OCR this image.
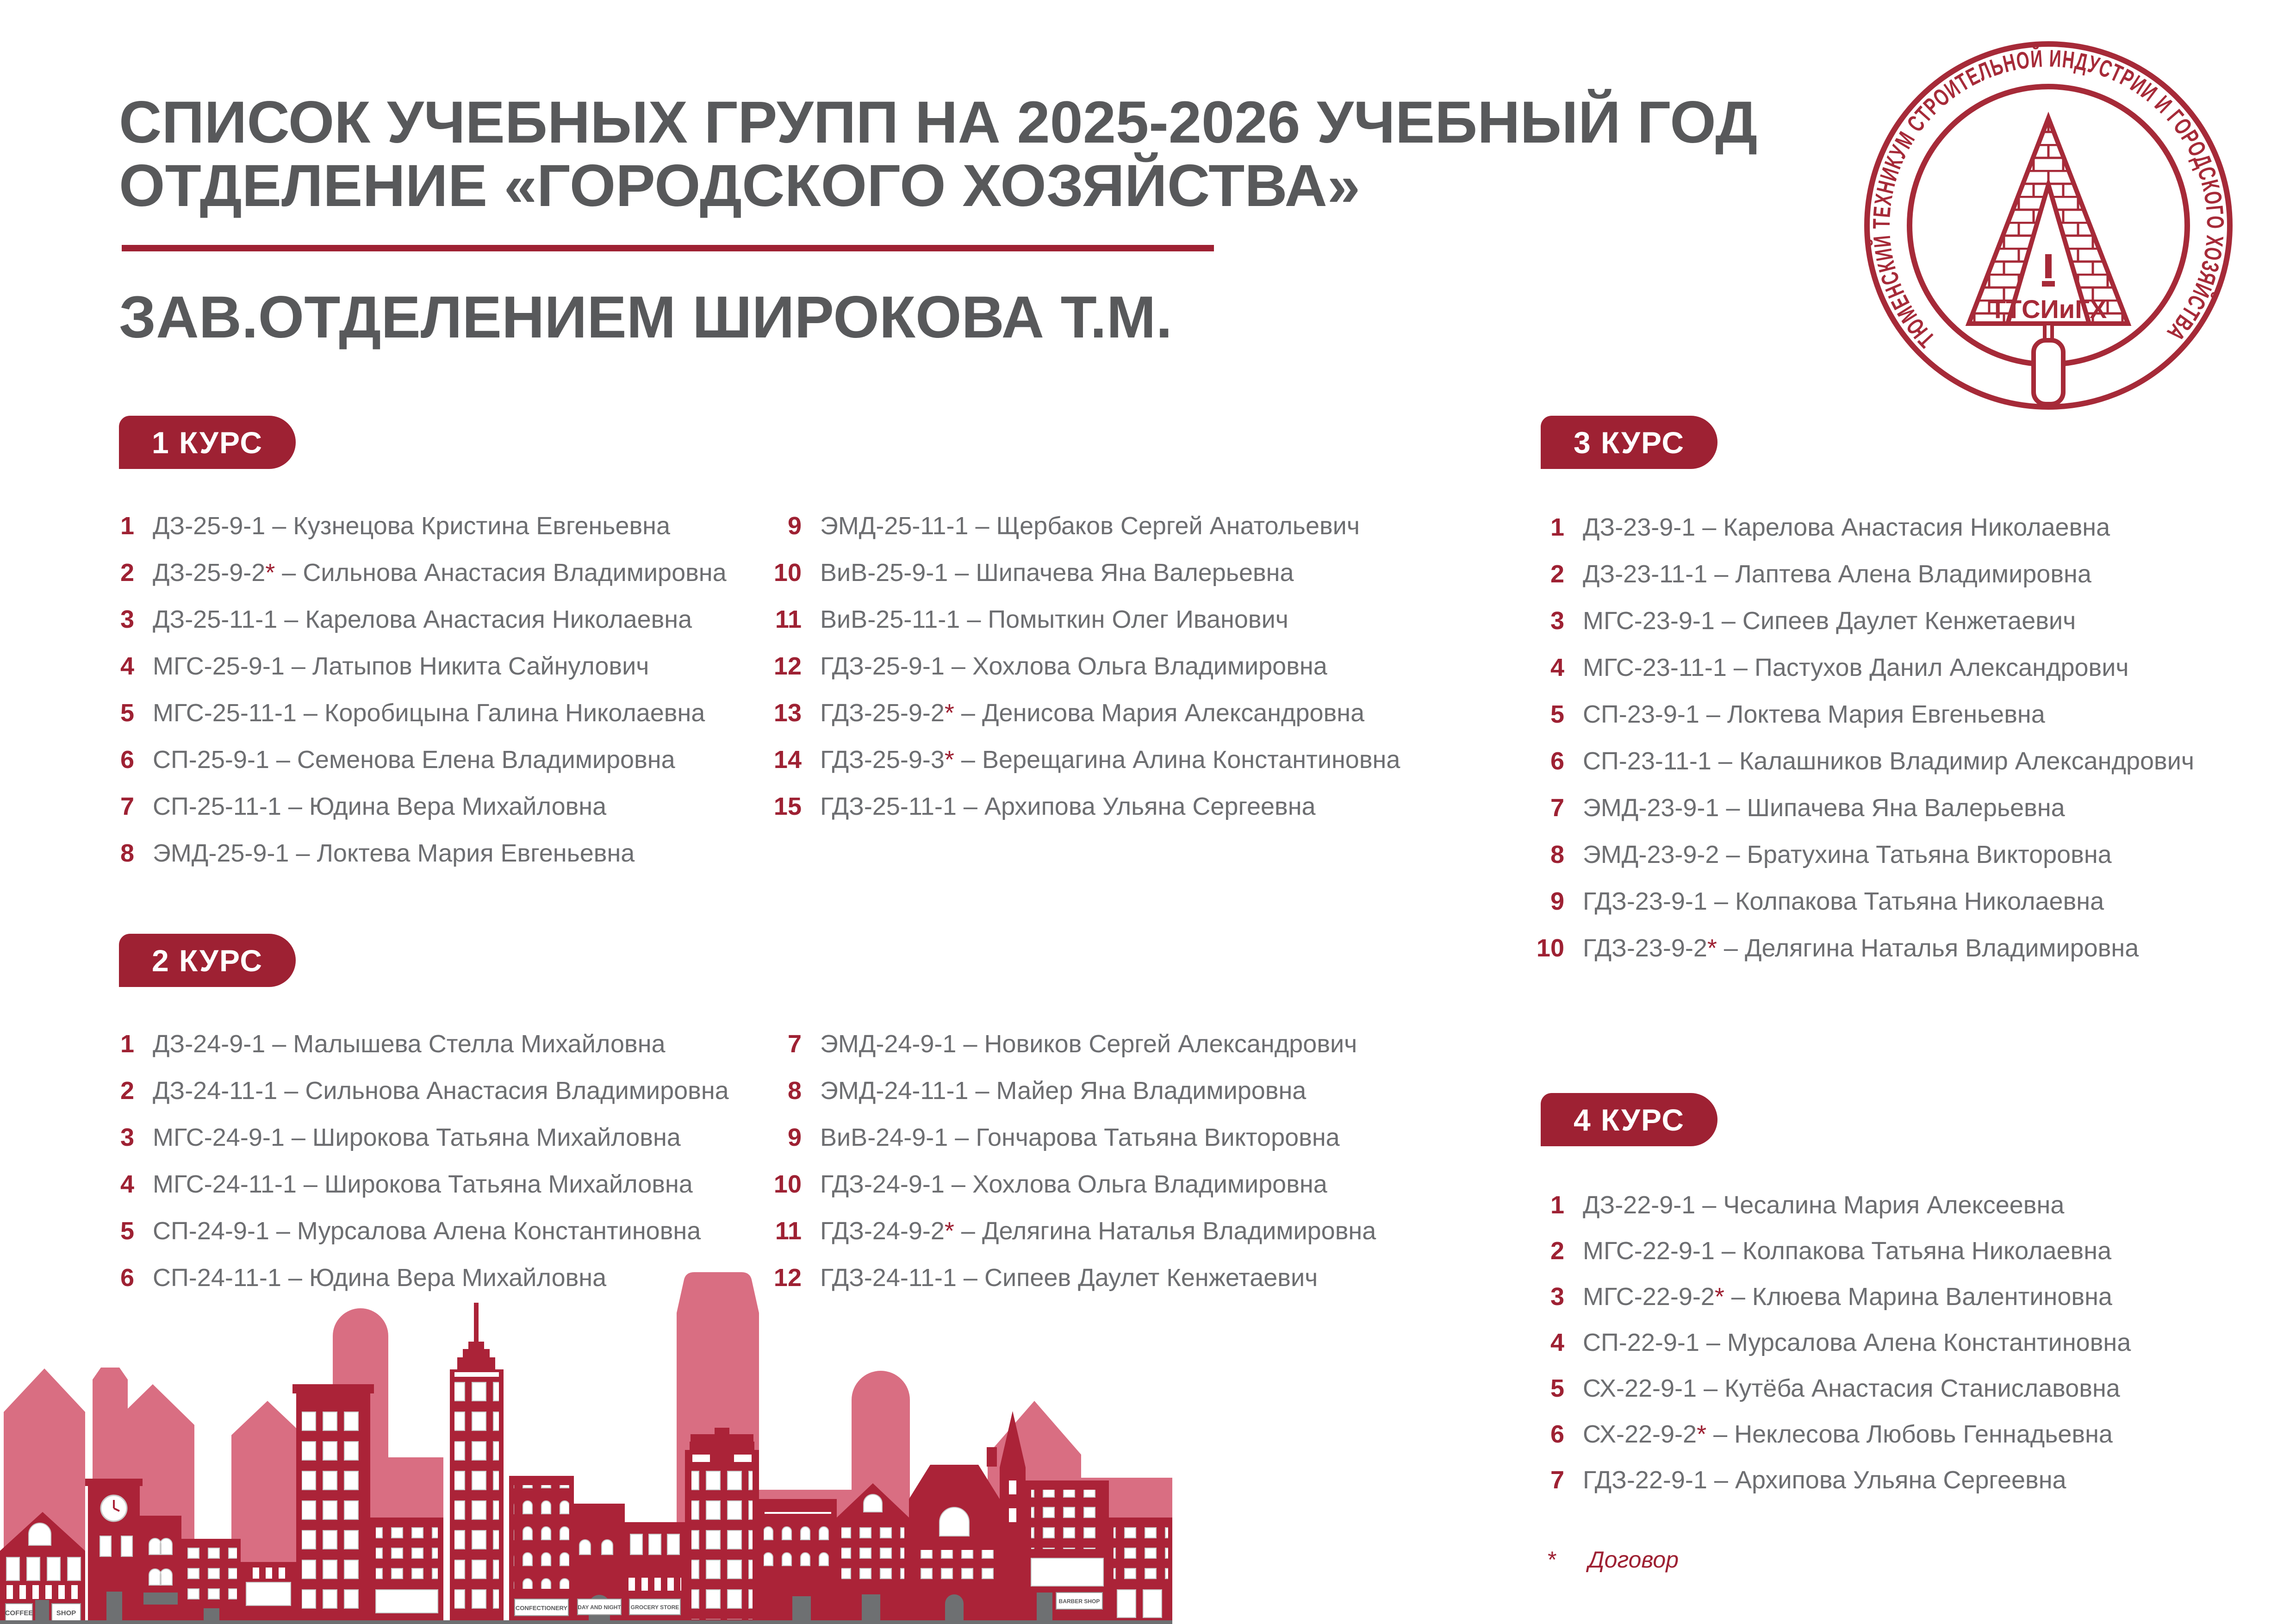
СПИСОК УЧЕБНЫХ ГРУПП НА 2025-2026 УЧЕБНЫЙ ГОД
ОТДЕЛЕНИЕ «ГОРОДСКОГО ХОЗЯЙСТВА»
ЗАВ.ОТДЕЛЕНИЕМ ШИРОКОВА Т.М.	ТЮМЕНСКИЙ ТЕХНИКУМ СТРОИТЕЛЬНОЙ ИНДУСТРИИ И ГОРОДСКОГО ХОЗЯЙСТВА
ТТСИиГХ
COFFEE	SHOP
CONFECTIONERY DAY AND NIGHT GROCERY STORE
BARBER SHOP
1 КУРС
1 ДЗ-25-9-1 – Кузнецова Кристина Евгеньевна
2 ДЗ-25-9-2* – Сильнова Анастасия Владимировна
3 ДЗ-25-11-1 – Карелова Анастасия Николаевна
4 МГС-25-9-1 – Латыпов Никита Сайнулович
5 МГС-25-11-1 – Коробицына Галина Николаевна
6 СП-25-9-1 – Семенова Елена Владимировна
7 СП-25-11-1 – Юдина Вера Михайловна
8 ЭМД-25-9-1 – Локтева Мария Евгеньевна
9 ЭМД-25-11-1 – Щербаков Сергей Анатольевич
10 ВиВ-25-9-1 – Шипачева Яна Валерьевна
11 ВиВ-25-11-1 – Помыткин Олег Иванович
12 ГДЗ-25-9-1 – Хохлова Ольга Владимировна
13 ГДЗ-25-9-2* – Денисова Мария Александровна
14 ГДЗ-25-9-3* – Верещагина Алина Константиновна
15 ГДЗ-25-11-1 – Архипова Ульяна Сергеевна
2 КУРС
1 ДЗ-24-9-1 – Малышева Стелла Михайловна
2 ДЗ-24-11-1 – Сильнова Анастасия Владимировна
3 МГС-24-9-1 – Широкова Татьяна Михайловна
4 МГС-24-11-1 – Широкова Татьяна Михайловна
5 СП-24-9-1 – Мурсалова Алена Константиновна
6 СП-24-11-1 – Юдина Вера Михайловна
7 ЭМД-24-9-1 – Новиков Сергей Александрович
8 ЭМД-24-11-1 – Майер Яна Владимировна
9 ВиВ-24-9-1 – Гончарова Татьяна Викторовна
10 ГДЗ-24-9-1 – Хохлова Ольга Владимировна
11 ГДЗ-24-9-2* – Делягина Наталья Владимировна
12 ГДЗ-24-11-1 – Сипеев Даулет Кенжетаевич
3 КУРС
1 ДЗ-23-9-1 – Карелова Анастасия Николаевна
2 ДЗ-23-11-1 – Лаптева Алена Владимировна
3 МГС-23-9-1 – Сипеев Даулет Кенжетаевич
4 МГС-23-11-1 – Пастухов Данил Александрович
5 СП-23-9-1 – Локтева Мария Евгеньевна
6 СП-23-11-1 – Калашников Владимир Александрович
7 ЭМД-23-9-1 – Шипачева Яна Валерьевна
8 ЭМД-23-9-2 – Братухина Татьяна Викторовна
9 ГДЗ-23-9-1 – Колпакова Татьяна Николаевна
10 ГДЗ-23-9-2* – Делягина Наталья Владимировна
4 КУРС
1 ДЗ-22-9-1 – Чесалина Мария Алексеевна
2 МГС-22-9-1 – Колпакова Татьяна Николаевна
3 МГС-22-9-2* – Клюева Марина Валентиновна
4 СП-22-9-1 – Мурсалова Алена Константиновна
5 СХ-22-9-1 – Кутёба Анастасия Станиславовна
6 СХ-22-9-2* – Неклесова Любовь Геннадьевна
7 ГДЗ-22-9-1 – Архипова Ульяна Сергеевна
* Договор
